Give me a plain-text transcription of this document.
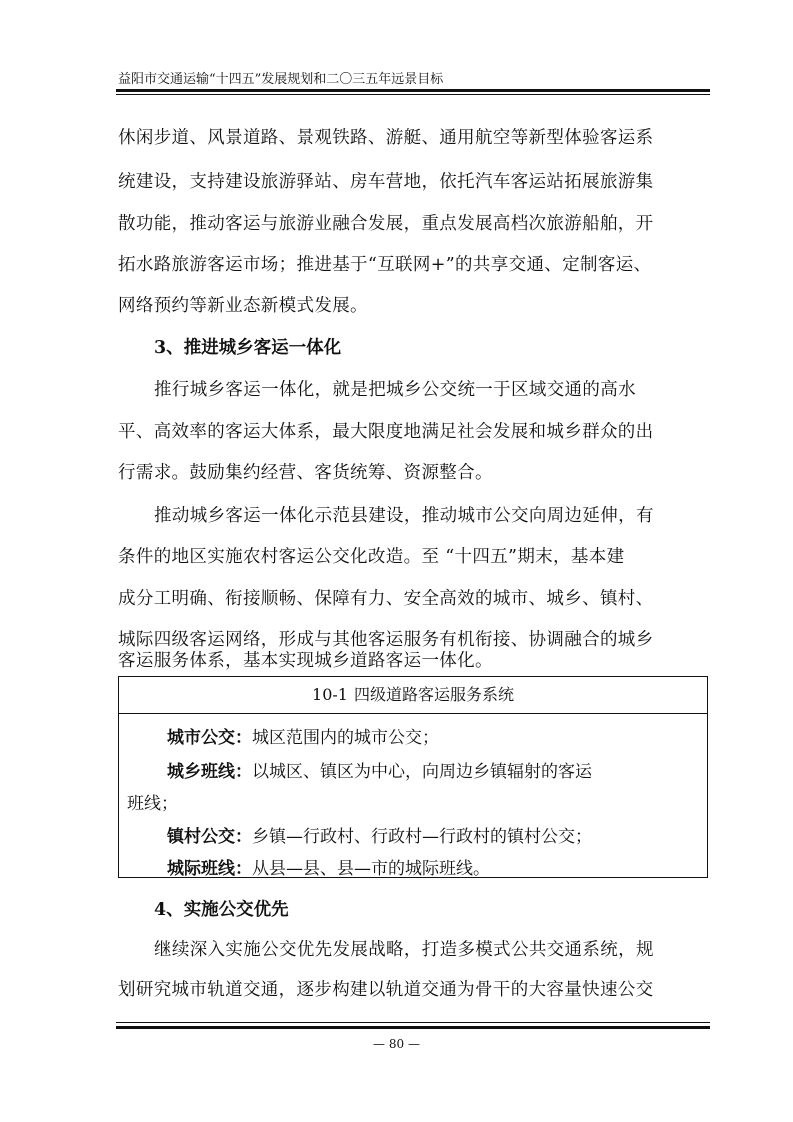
益阳市交通运输“十四五”发展规划和二〇三五年远景目标
休闲步道、风景道路、景观铁路、游艇、通用航空等新型体验客运系
统建设，支持建设旅游驿站、房车营地，依托汽车客运站拓展旅游集
散功能，推动客运与旅游业融合发展，重点发展高档次旅游船舶，开
拓水路旅游客运市场；推进基于“互联网+”的共享交通、定制客运、
网络预约等新业态新模式发展。
3、推进城乡客运一体化
推行城乡客运一体化，就是把城乡公交统一于区域交通的高水
平、高效率的客运大体系，最大限度地满足社会发展和城乡群众的出
行需求。鼓励集约经营、客货统筹、资源整合。
推动城乡客运一体化示范县建设，推动城市公交向周边延伸，有
条件的地区实施农村客运公交化改造。至 “十四五”期末，基本建
成分工明确、衔接顺畅、保障有力、安全高效的城市、城乡、镇村、
城际四级客运网络，形成与其他客运服务有机衔接、协调融合的城乡
客运服务体系，基本实现城乡道路客运一体化。
10-1 四级道路客运服务系统
城市公交：城区范围内的城市公交；
城乡班线：以城区、镇区为中心，向周边乡镇辐射的客运
班线；
镇村公交：乡镇—行政村、行政村—行政村的镇村公交；
城际班线：从县—县、县—市的城际班线。
4、实施公交优先
继续深入实施公交优先发展战略，打造多模式公共交通系统，规
划研究城市轨道交通，逐步构建以轨道交通为骨干的大容量快速公交
— 80 —
